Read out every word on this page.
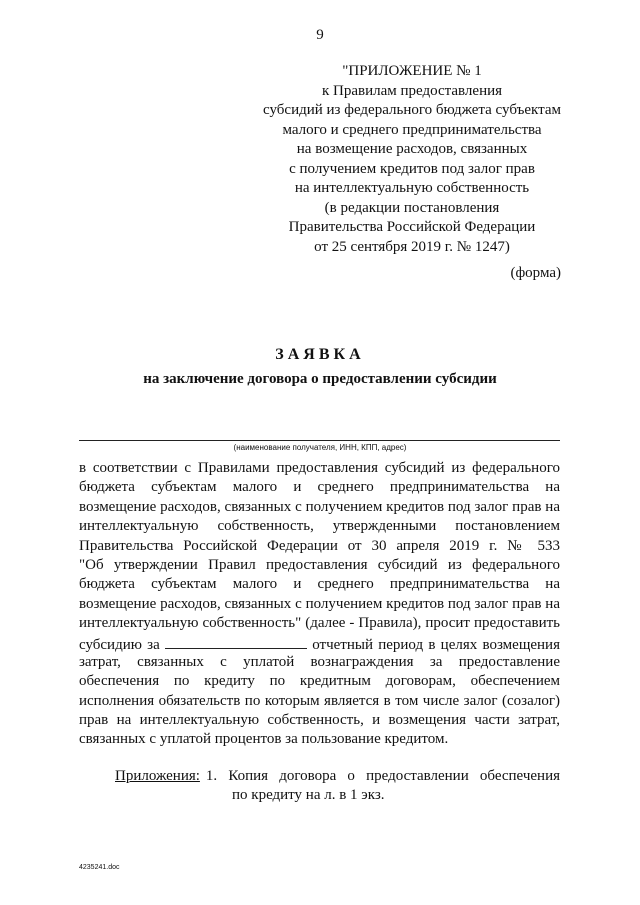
9
"ПРИЛОЖЕНИЕ № 1
к Правилам предоставления
субсидий из федерального бюджета субъектам
малого и среднего предпринимательства
на возмещение расходов, связанных
с получением кредитов под залог прав
на интеллектуальную собственность
(в редакции постановления
Правительства Российской Федерации
от 25 сентября 2019 г. № 1247)
(форма)
ЗАЯВКА
на заключение договора о предоставлении субсидии
(наименование получателя, ИНН, КПП, адрес)
в соответствии с Правилами предоставления субсидий из федерального
бюджета субъектам малого и среднего предпринимательства на
возмещение расходов, связанных с получением кредитов под залог прав на
интеллектуальную собственность, утвержденными постановлением
Правительства Российской Федерации от 30 апреля 2019 г. № 533
"Об утверждении Правил предоставления субсидий из федерального
бюджета субъектам малого и среднего предпринимательства на
возмещение расходов, связанных с получением кредитов под залог прав на
интеллектуальную собственность" (далее - Правила), просит предоставить
субсидию за	отчетный период в целях возмещения
затрат, связанных с уплатой вознаграждения за предоставление
обеспечения по кредиту по кредитным договорам, обеспечением
исполнения обязательств по которым является в том числе залог (созалог)
прав на интеллектуальную собственность, и возмещения части затрат,
связанных с уплатой процентов за пользование кредитом.
Приложения: 1. Копия договора о предоставлении обеспечения
по кредиту на л. в 1 экз.
4235241.doc
